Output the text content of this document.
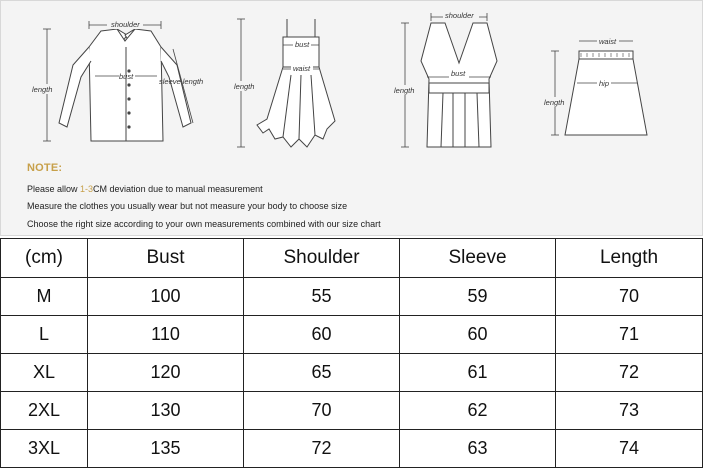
shoulder
bust
sleeve length
length
bust
waist
length
shoulder
bust
length
waist
hip
length
NOTE:
Please allow 1-3CM deviation due to manual measurement
Measure the clothes you usually wear but not measure your body to choose size
Choose the right size according to your own measurements combined with our size chart
(cm)	Bust	Shoulder	Sleeve	Length
M	100	55	59	70
L	110	60	60	71
XL	120	65	61	72
2XL	130	70	62	73
3XL	135	72	63	74
